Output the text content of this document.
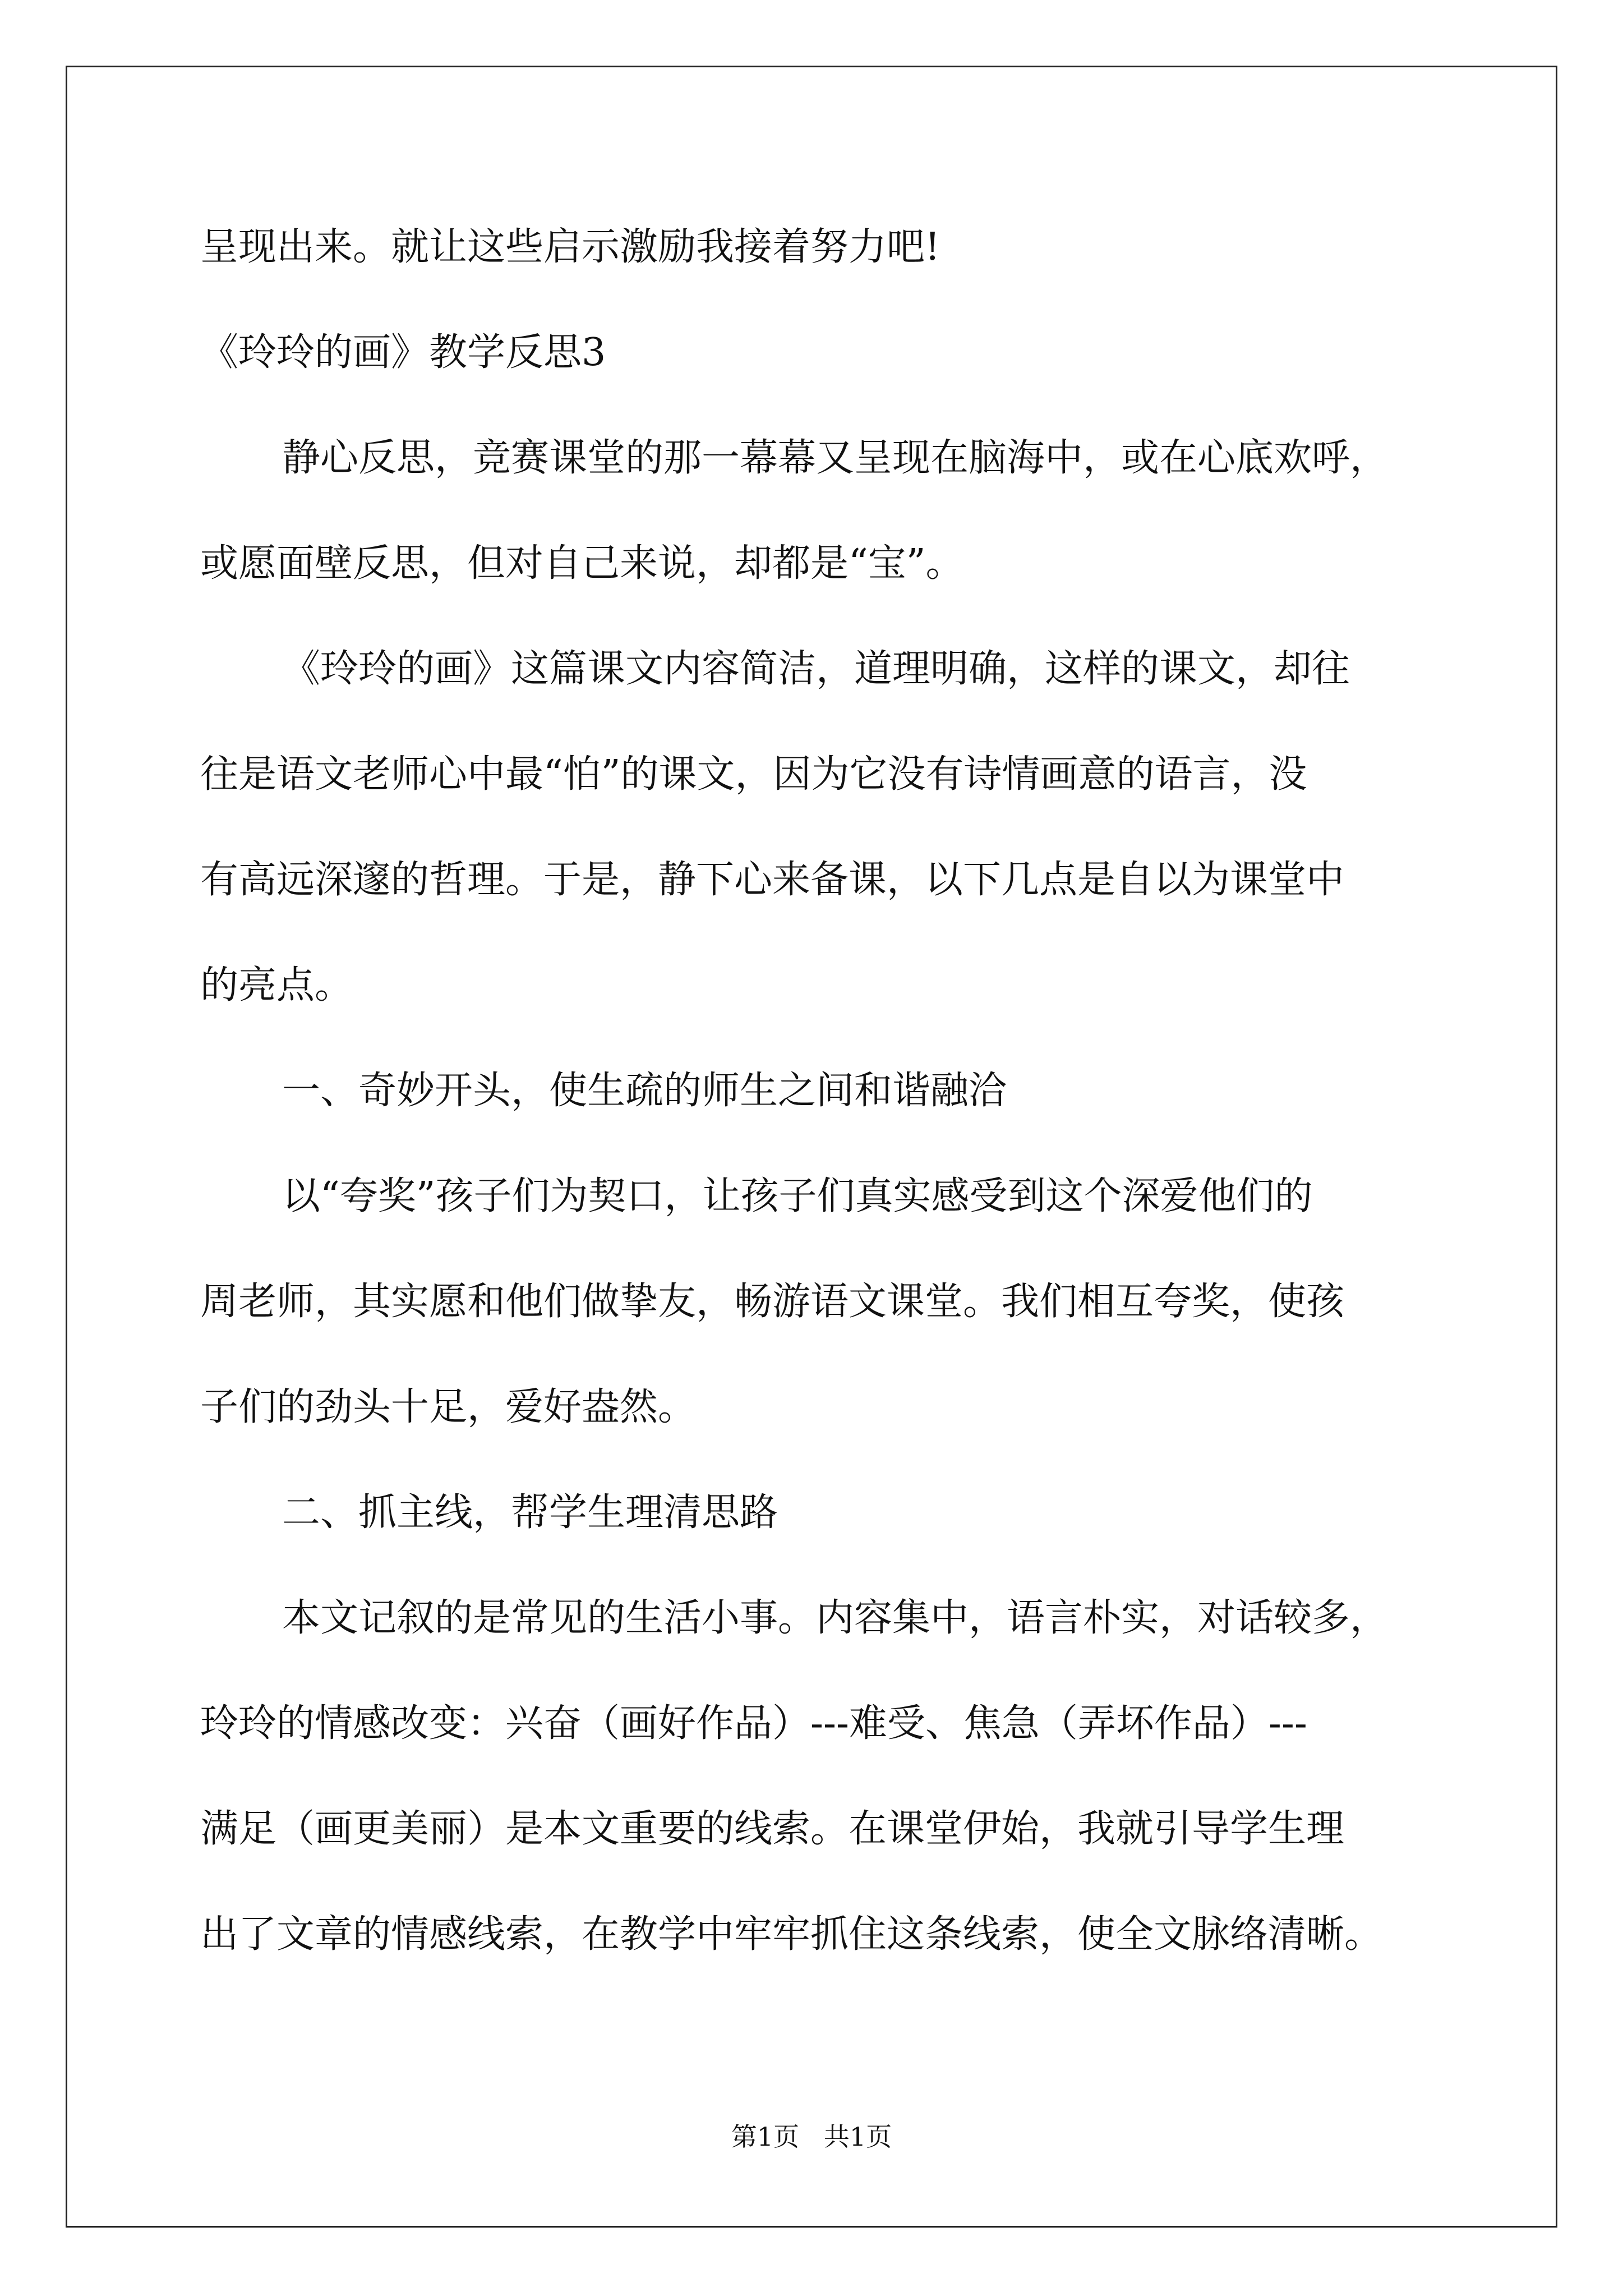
呈现出来。就让这些启示激励我接着努力吧!
《玲玲的画》教学反思3
静心反思，竞赛课堂的那一幕幕又呈现在脑海中，或在心底欢呼，
或愿面壁反思，但对自己来说，却都是“宝”。
《玲玲的画》这篇课文内容简洁，道理明确，这样的课文，却往
往是语文老师心中最“怕”的课文，因为它没有诗情画意的语言，没
有高远深邃的哲理。于是，静下心来备课，以下几点是自以为课堂中
的亮点。
一、奇妙开头，使生疏的师生之间和谐融洽
以“夸奖”孩子们为契口，让孩子们真实感受到这个深爱他们的
周老师，其实愿和他们做挚友，畅游语文课堂。我们相互夸奖，使孩
子们的劲头十足，爱好盎然。
二、抓主线，帮学生理清思路
本文记叙的是常见的生活小事。内容集中，语言朴实，对话较多，
玲玲的情感改变：兴奋（画好作品）---难受、焦急（弄坏作品）---
满足（画更美丽）是本文重要的线索。在课堂伊始，我就引导学生理
出了文章的情感线索，在教学中牢牢抓住这条线索，使全文脉络清晰。
第1页   共1页
